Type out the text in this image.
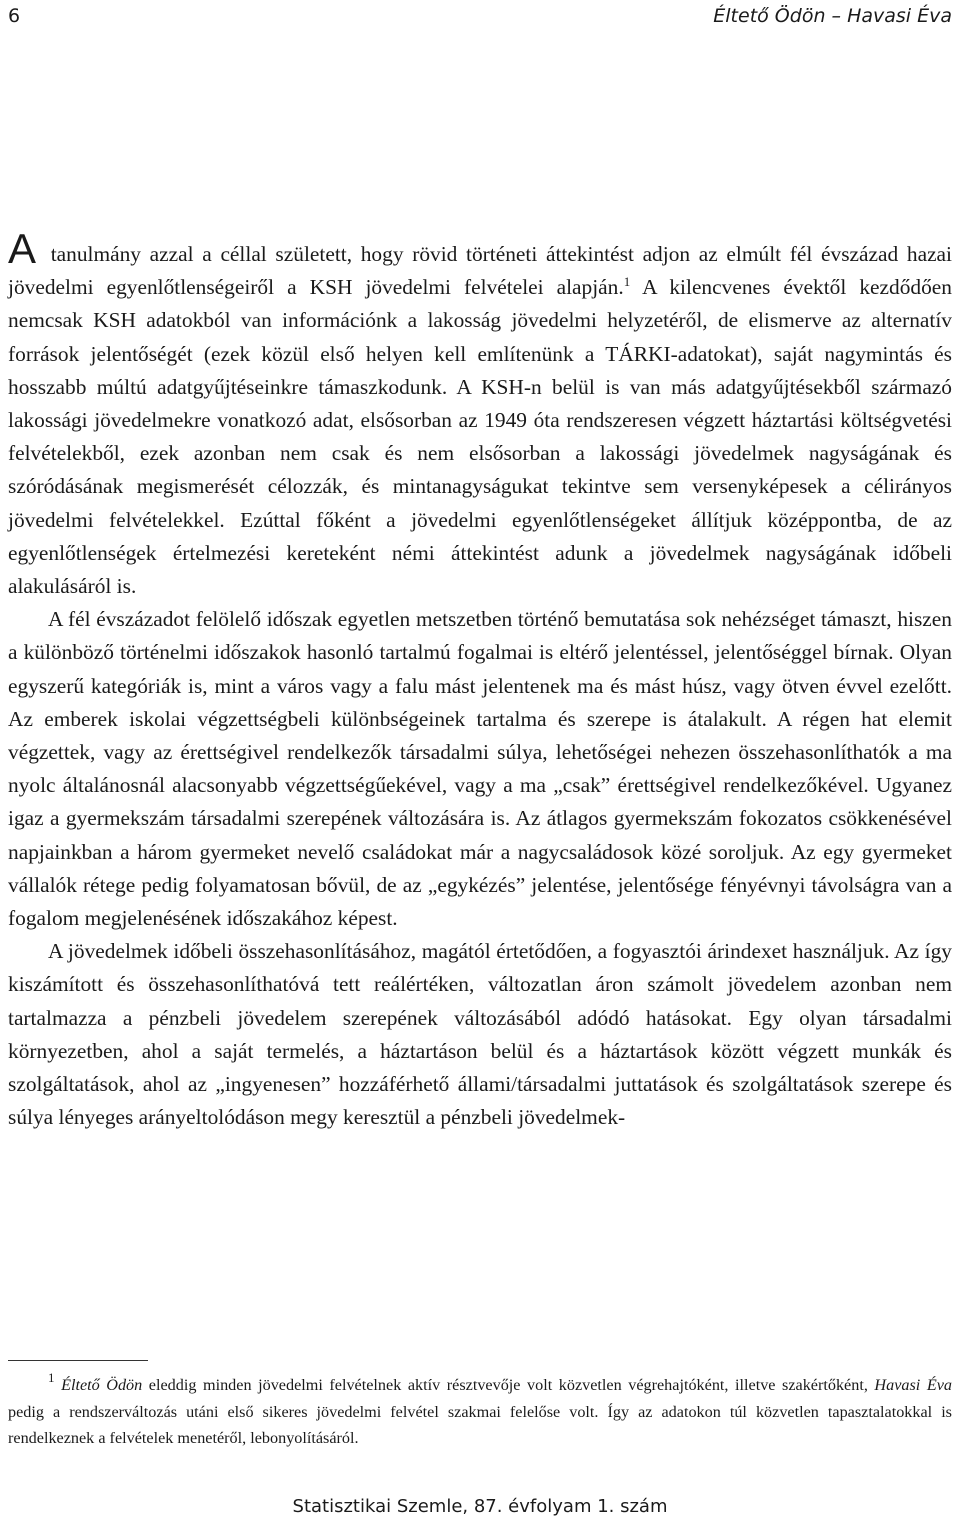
6	Éltető Ödön – Havasi Éva

A tanulmány azzal a céllal született, hogy rövid történeti áttekintést adjon az elmúlt fél évszázad hazai jövedelmi egyenlőtlenségeiről a KSH jövedelmi felvételei alapján.$^1$ A kilencvenes évektől kezdődően nemcsak KSH adatokból van információnk a lakosság jövedelmi helyzetéről, de elismerve az alternatív források jelentőségét (ezek közül első helyen kell említenünk a TÁRKI-adatokat), saját nagymintás és hosszabb múltú adatgyűjtéseinkre támaszkodunk. A KSH-n belül is van más adatgyűjtésekből származó lakossági jövedelmekre vonatkozó adat, elsősorban az 1949 óta rendszeresen végzett háztartási költségvetési felvételekből, ezek azonban nem csak és nem elsősorban a lakossági jövedelmek nagyságának és szóródásának megismerését célozzák, és mintanagyságukat tekintve sem versenyképesek a célirányos jövedelmi felvételekkel. Ezúttal főként a jövedelmi egyenlőtlenségeket állítjuk középpontba, de az egyenlőtlenségek értelmezési kereteként némi áttekintést adunk a jövedelmek nagyságának időbeli alakulásáról is.

A fél évszázadot felölelő időszak egyetlen metszetben történő bemutatása sok nehézséget támaszt, hiszen a különböző történelmi időszakok hasonló tartalmú fogalmai is eltérő jelentéssel, jelentőséggel bírnak. Olyan egyszerű kategóriák is, mint a város vagy a falu mást jelentenek ma és mást húsz, vagy ötven évvel ezelőtt. Az emberek iskolai végzettségbeli különbségeinek tartalma és szerepe is átalakult. A régen hat elemit végzettek, vagy az érettségivel rendelkezők társadalmi súlya, lehetőségei nehezen összehasonlíthatók a ma nyolc általánosnál alacsonyabb végzettségűekével, vagy a ma „csak” érettségivel rendelkezőkével. Ugyanez igaz a gyermekszám társadalmi szerepének változására is. Az átlagos gyermekszám fokozatos csökkenésével napjainkban a három gyermeket nevelő családokat már a nagycsaládosok közé soroljuk. Az egy gyermeket vállalók rétege pedig folyamatosan bővül, de az „egykézés” jelentése, jelentősége fényévnyi távolságra van a fogalom megjelenésének időszakához képest.

A jövedelmek időbeli összehasonlításához, magától értetődően, a fogyasztói árindexet használjuk. Az így kiszámított és összehasonlíthatóvá tett reálértéken, változatlan áron számolt jövedelem azonban nem tartalmazza a pénzbeli jövedelem szerepének változásából adódó hatásokat. Egy olyan társadalmi környezetben, ahol a saját termelés, a háztartáson belül és a háztartások között végzett munkák és szolgáltatások, ahol az „ingyenesen” hozzáférhető állami/társadalmi juttatások és szolgáltatások szerepe és súlya lényeges arányeltolódáson megy keresztül a pénzbeli jövedelmek-

$^1$ Éltető Ödön eleddig minden jövedelmi felvételnek aktív résztvevője volt közvetlen végrehajtóként, illetve szakértőként, Havasi Éva pedig a rendszerváltozás utáni első sikeres jövedelmi felvétel szakmai felelőse volt. Így az adatokon túl közvetlen tapasztalatokkal is rendelkeznek a felvételek menetéről, lebonyolításáról.

Statisztikai Szemle, 87. évfolyam 1. szám
